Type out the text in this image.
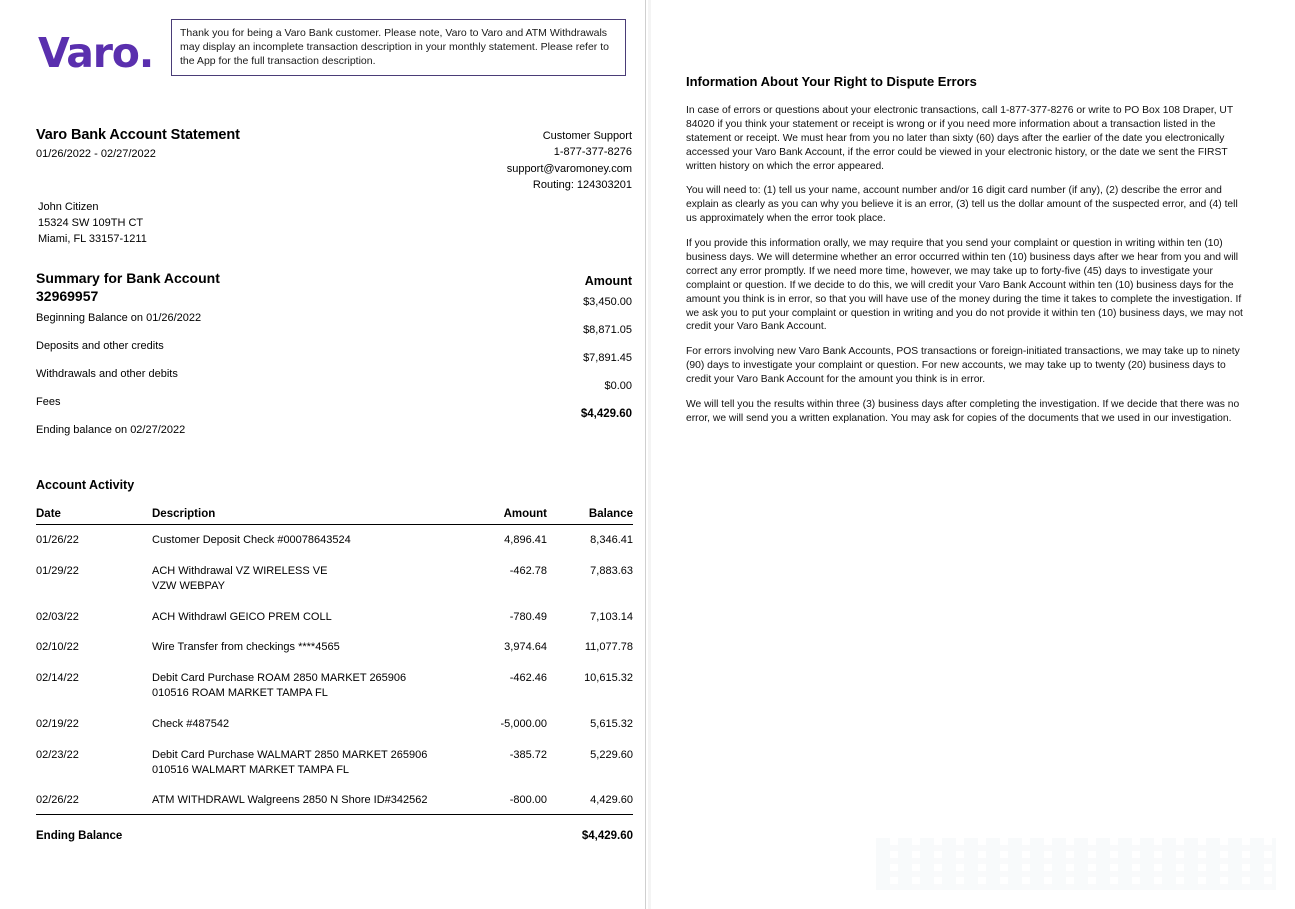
Varo.	Thank you for being a Varo Bank customer. Please note, Varo to Varo and ATM Withdrawals may display an incomplete transaction description in your monthly statement. Please refer to the App for the full transaction description.
Varo Bank Account Statement
01/26/2022 - 02/27/2022
Customer Support
1-877-377-8276
support@varomoney.com
Routing: 124303201
John Citizen
15324 SW 109TH CT
Miami, FL 33157-1211
Summary for Bank Account
32969957
Amount
Beginning Balance on 01/26/2022
$3,450.00
Deposits and other credits
$8,871.05
Withdrawals and other debits
$7,891.45
Fees
$0.00
Ending balance on 02/27/2022
$4,429.60
Account Activity
Date	Description	Amount	Balance
01/26/22	Customer Deposit Check #00078643524	4,896.41	8,346.41
01/29/22	ACH Withdrawal VZ WIRELESS VE
VZW WEBPAY	-462.78	7,883.63
02/03/22	ACH Withdrawl GEICO PREM COLL	-780.49	7,103.14
02/10/22	Wire Transfer from checkings ****4565	3,974.64	11,077.78
02/14/22	Debit Card Purchase ROAM 2850 MARKET 265906
010516 ROAM MARKET TAMPA FL	-462.46	10,615.32
02/19/22	Check #487542	-5,000.00	5,615.32
02/23/22	Debit Card Purchase WALMART 2850 MARKET 265906
010516 WALMART MARKET TAMPA FL	-385.72	5,229.60
02/26/22	ATM WITHDRAWL Walgreens 2850 N Shore ID#342562	-800.00	4,429.60
Ending Balance			$4,429.60
Information About Your Right to Dispute Errors

In case of errors or questions about your electronic transactions, call 1-877-377-8276 or write to PO Box 108 Draper, UT 84020 if you think your statement or receipt is wrong or if you need more information about a transaction listed in the statement or receipt. We must hear from you no later than sixty (60) days after the earlier of the date you electronically accessed your Varo Bank Account, if the error could be viewed in your electronic history, or the date we sent the FIRST written history on which the error appeared.

You will need to: (1) tell us your name, account number and/or 16 digit card number (if any), (2) describe the error and explain as clearly as you can why you believe it is an error, (3) tell us the dollar amount of the suspected error, and (4) tell us approximately when the error took place.

If you provide this information orally, we may require that you send your complaint or question in writing within ten (10) business days. We will determine whether an error occurred within ten (10) business days after we hear from you and will correct any error promptly. If we need more time, however, we may take up to forty-five (45) days to investigate your complaint or question. If we decide to do this, we will credit your Varo Bank Account within ten (10) business days for the amount you think is in error, so that you will have use of the money during the time it takes to complete the investigation. If we ask you to put your complaint or question in writing and you do not provide it within ten (10) business days, we may not credit your Varo Bank Account.

For errors involving new Varo Bank Accounts, POS transactions or foreign-initiated transactions, we may take up to ninety (90) days to investigate your complaint or question. For new accounts, we may take up to twenty (20) business days to credit your Varo Bank Account for the amount you think is in error.

We will tell you the results within three (3) business days after completing the investigation. If we decide that there was no error, we will send you a written explanation. You may ask for copies of the documents that we used in our investigation.
